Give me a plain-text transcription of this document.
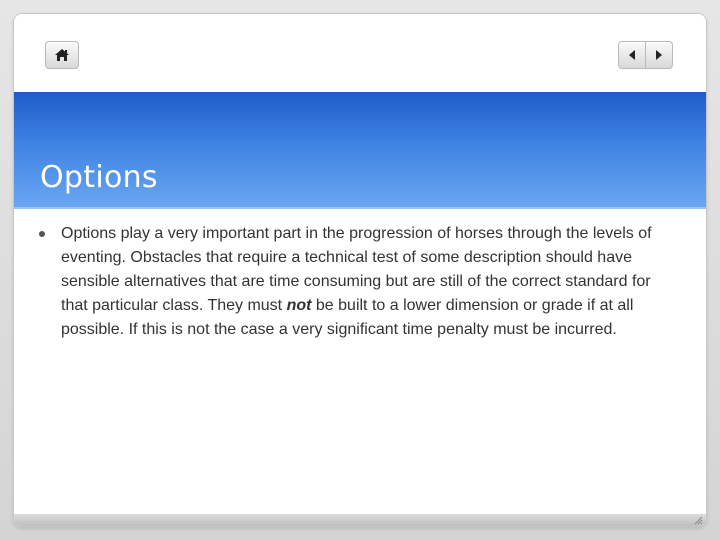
Options
Options play a very important part in the progression of horses through the levels of eventing. Obstacles that require a technical test of some description should have sensible alternatives that are time consuming but are still of the correct standard for that particular class. They must not be built to a lower dimension or grade if at all possible. If this is not the case a very significant time penalty must be incurred.
